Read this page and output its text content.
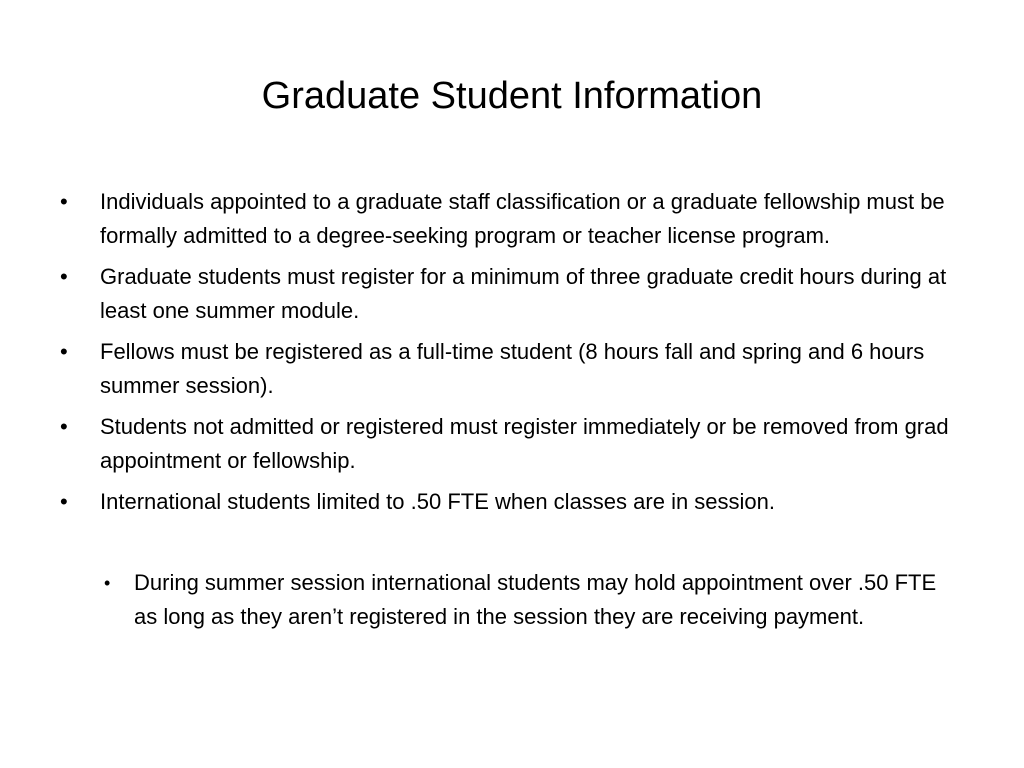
Graduate Student Information
•	Individuals appointed to a graduate staff classification or a graduate fellowship must be formally admitted to a degree-seeking program or teacher license program.
•	Graduate students must register for a minimum of three graduate credit hours during at least one summer module.
•	Fellows must be registered as a full-time student (8 hours fall and spring and 6 hours summer session).
•	Students not admitted or registered must register immediately or be removed from grad appointment or fellowship.
•	International students limited to .50 FTE when classes are in session.
•	During summer session international students may hold appointment over .50 FTE as long as they aren’t registered in the session they are receiving payment.
